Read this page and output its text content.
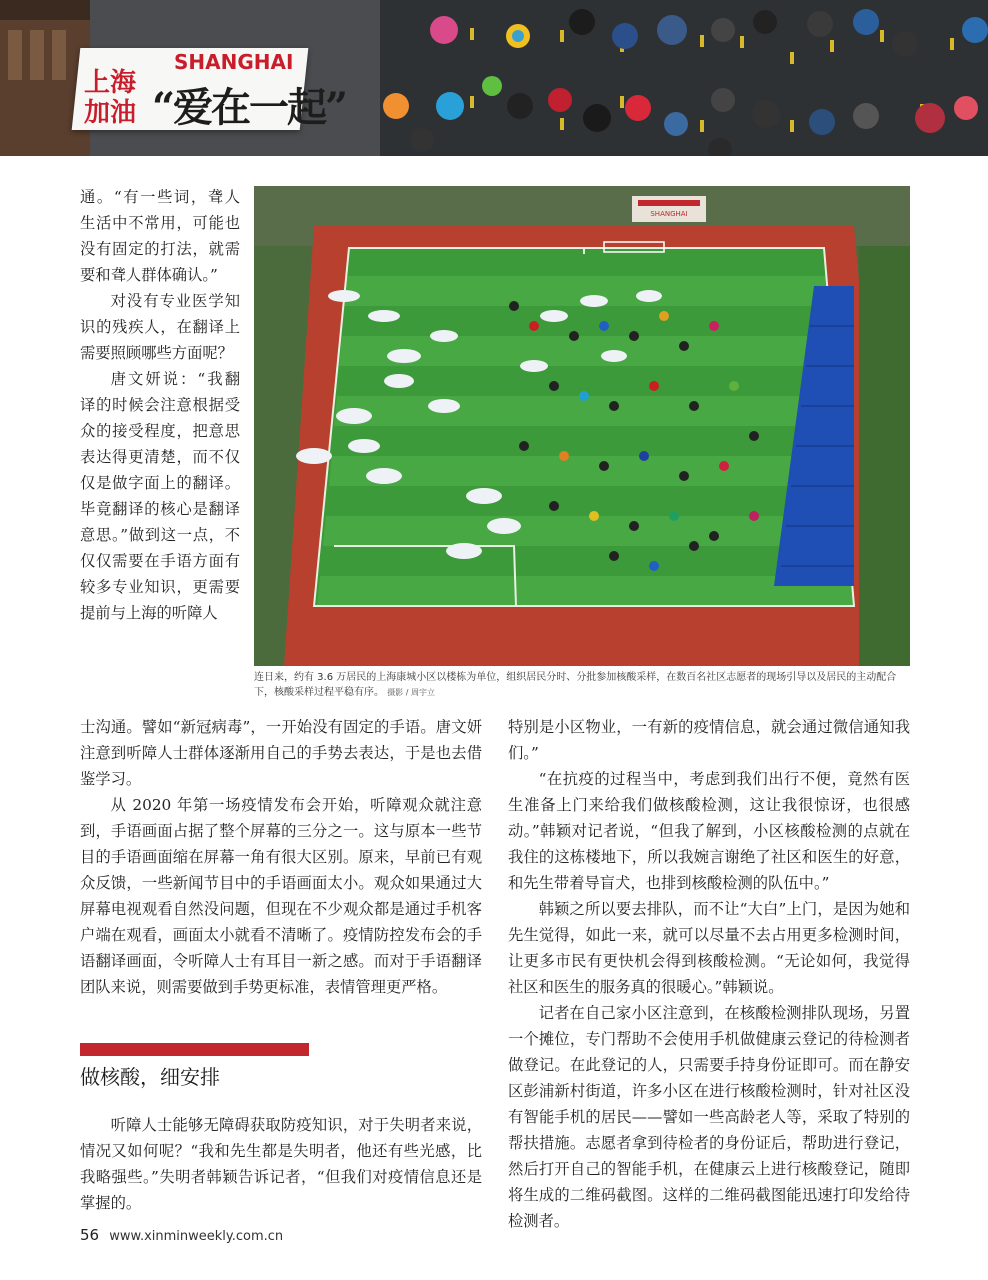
SHANGHAI
上海
加油 “爱在一起”

通。“有一些词，聋人生活中不常用，可能也没有固定的打法，就需要和聋人群体确认。”

对没有专业医学知识的残疾人，在翻译上需要照顾哪些方面呢？

唐文妍说：“我翻译的时候会注意根据受众的接受程度，把意思表达得更清楚，而不仅仅是做字面上的翻译。毕竟翻译的核心是翻译意思。”做到这一点，不仅仅需要在手语方面有较多专业知识，更需要提前与上海的听障人

SHANGHAI
连日来，约有 3.6 万居民的上海康城小区以楼栋为单位，组织居民分时、分批参加核酸采样，在数百名社区志愿者的现场引导以及居民的主动配合下，核酸采样过程平稳有序。 摄影 / 周宇立

士沟通。譬如“新冠病毒”，一开始没有固定的手语。唐文妍注意到听障人士群体逐渐用自己的手势去表达，于是也去借鉴学习。

从 2020 年第一场疫情发布会开始，听障观众就注意到，手语画面占据了整个屏幕的三分之一。这与原本一些节目的手语画面缩在屏幕一角有很大区别。原来，早前已有观众反馈，一些新闻节目中的手语画面太小。观众如果通过大屏幕电视观看自然没问题，但现在不少观众都是通过手机客户端在观看，画面太小就看不清晰了。疫情防控发布会的手语翻译画面，令听障人士有耳目一新之感。而对于手语翻译团队来说，则需要做到手势更标准，表情管理更严格。

做核酸，细安排

听障人士能够无障碍获取防疫知识，对于失明者来说，情况又如何呢？“我和先生都是失明者，他还有些光感，比我略强些。”失明者韩颖告诉记者，“但我们对疫情信息还是掌握的。

特别是小区物业，一有新的疫情信息，就会通过微信通知我们。”

“在抗疫的过程当中，考虑到我们出行不便，竟然有医生准备上门来给我们做核酸检测，这让我很惊讶，也很感动。”韩颖对记者说，“但我了解到，小区核酸检测的点就在我住的这栋楼地下，所以我婉言谢绝了社区和医生的好意，和先生带着导盲犬，也排到核酸检测的队伍中。”

韩颖之所以要去排队，而不让“大白”上门，是因为她和先生觉得，如此一来，就可以尽量不去占用更多检测时间，让更多市民有更快机会得到核酸检测。“无论如何，我觉得社区和医生的服务真的很暖心。”韩颖说。

记者在自己家小区注意到，在核酸检测排队现场，另置一个摊位，专门帮助不会使用手机做健康云登记的待检测者做登记。在此登记的人，只需要手持身份证即可。而在静安区彭浦新村街道，许多小区在进行核酸检测时，针对社区没有智能手机的居民——譬如一些高龄老人等，采取了特别的帮扶措施。志愿者拿到待检者的身份证后，帮助进行登记，然后打开自己的智能手机，在健康云上进行核酸登记，随即将生成的二维码截图。这样的二维码截图能迅速打印发给待检测者。

56 www.xinminweekly.com.cn
